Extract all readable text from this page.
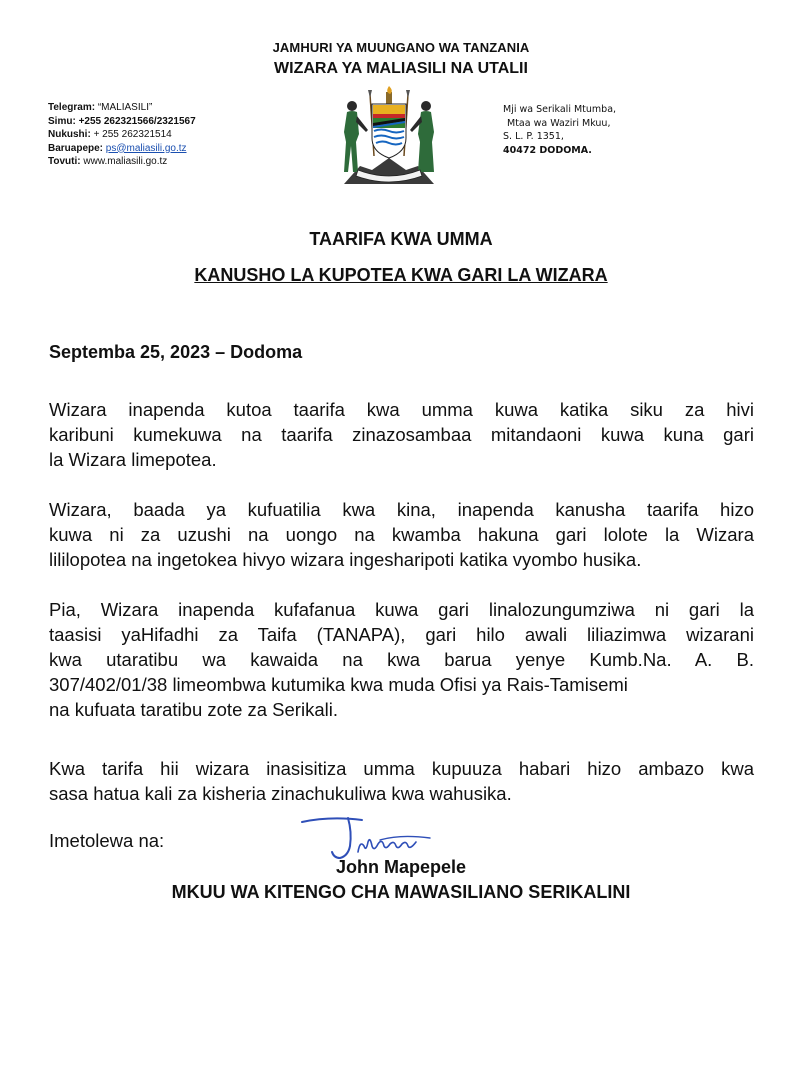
JAMHURI YA MUUNGANO WA TANZANIA
WIZARA YA MALIASILI NA UTALII
Telegram: “MALIASILI”
Simu: +255 262321566/2321567
Nukushi: + 255 262321514
Baruapepe: ps@maliasili.go.tz
Tovuti: www.maliasili.go.tz
Mji wa Serikali Mtumba,
Mtaa wa Waziri Mkuu,
S. L. P. 1351,
40472 DODOMA.
TAARIFA KWA UMMA
KANUSHO LA KUPOTEA KWA GARI LA WIZARA
Septemba 25, 2023 – Dodoma
Wizara inapenda kutoa taarifa kwa umma kuwa katika siku za hivi
karibuni kumekuwa na taarifa zinazosambaa mitandaoni kuwa kuna gari
la Wizara limepotea.
Wizara, baada ya kufuatilia kwa kina, inapenda kanusha taarifa hizo
kuwa ni za uzushi na uongo na kwamba hakuna gari lolote la Wizara
lililopotea na ingetokea hivyo wizara ingesharipoti katika vyombo husika.
Pia, Wizara inapenda kufafanua kuwa gari linalozungumziwa ni gari la
taasisi yaHifadhi za Taifa (TANAPA), gari hilo awali liliazimwa wizarani
kwa utaratibu wa kawaida na kwa barua yenye Kumb.Na. A. B.
307/402/01/38 limeombwa kutumika kwa muda Ofisi ya Rais-Tamisemi
na kufuata taratibu zote za Serikali.
Kwa tarifa hii wizara inasisitiza umma kupuuza habari hizo ambazo kwa
sasa hatua kali za kisheria zinachukuliwa kwa wahusika.
Imetolewa na:
John Mapepele
MKUU WA KITENGO CHA MAWASILIANO SERIKALINI
